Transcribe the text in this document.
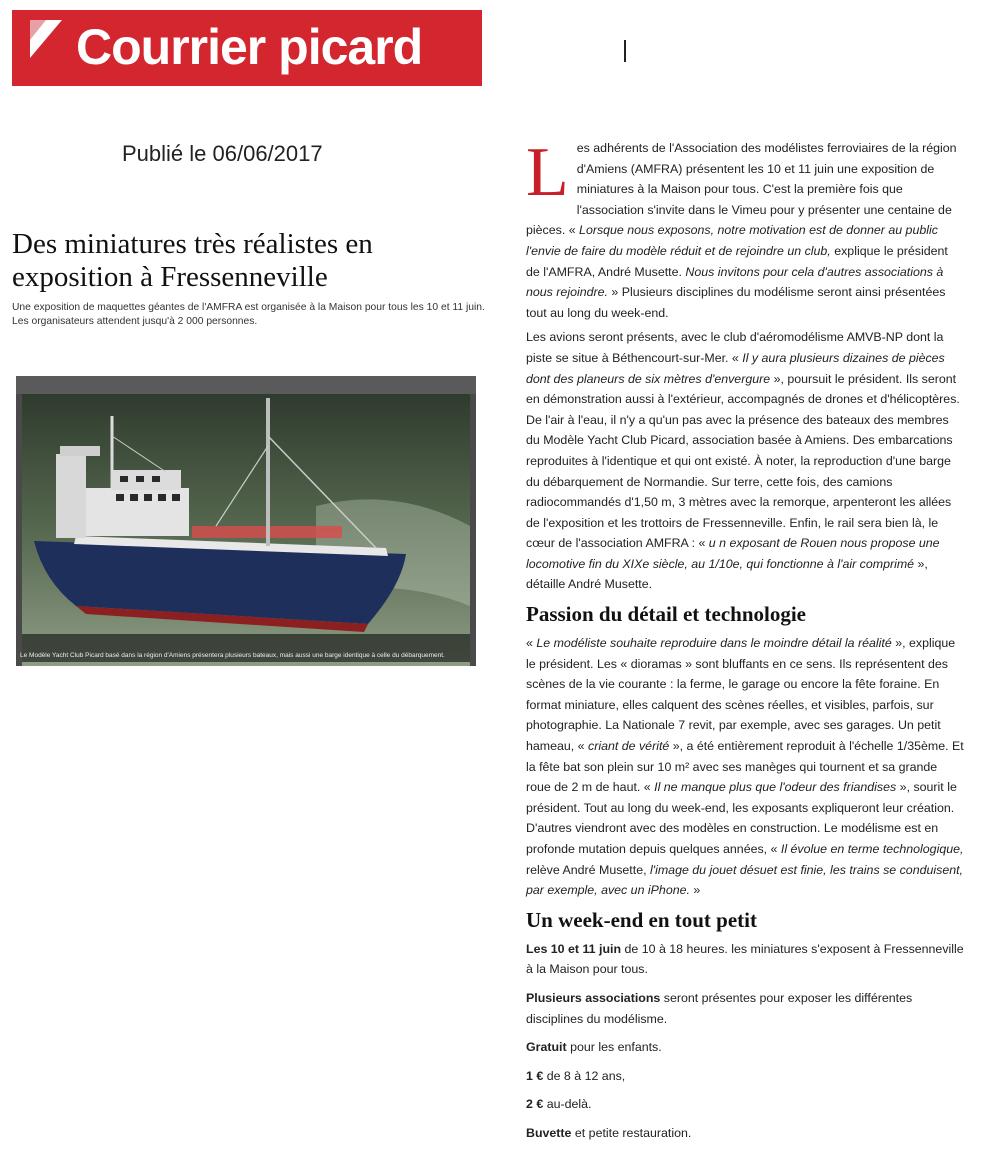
Courrier picard
Publié le 06/06/2017
Des miniatures très réalistes en exposition à Fressenneville

Une exposition de maquettes géantes de l'AMFRA est organisée à la Maison pour tous les 10 et 11 juin. Les organisateurs attendent jusqu'à 2 000 personnes.

Le Modèle Yacht Club Picard basé dans la région d'Amiens présentera plusieurs bateaux, mais aussi une barge identique à celle du débarquement.

L es adhérents de l'Association des modélistes ferroviaires de la région d'Amiens (AMFRA) présentent les 10 et 11 juin une exposition de miniatures à la Maison pour tous. C'est la première fois que l'association s'invite dans le Vimeu pour y présenter une centaine de pièces. « Lorsque nous exposons, notre motivation est de donner au public l'envie de faire du modèle réduit et de rejoindre un club, explique le président de l'AMFRA, André Musette. Nous invitons pour cela d'autres associations à nous rejoindre. » Plusieurs disciplines du modélisme seront ainsi présentées tout au long du week-end.

Les avions seront présents, avec le club d'aéromodélisme AMVB-NP dont la piste se situe à Béthencourt-sur-Mer. « Il y aura plusieurs dizaines de pièces dont des planeurs de six mètres d'envergure », poursuit le président. Ils seront en démonstration aussi à l'extérieur, accompagnés de drones et d'hélicoptères. De l'air à l'eau, il n'y a qu'un pas avec la présence des bateaux des membres du Modèle Yacht Club Picard, association basée à Amiens. Des embarcations reproduites à l'identique et qui ont existé. À noter, la reproduction d'une barge du débarquement de Normandie. Sur terre, cette fois, des camions radiocommandés d'1,50 m, 3 mètres avec la remorque, arpenteront les allées de l'exposition et les trottoirs de Fressenneville. Enfin, le rail sera bien là, le cœur de l'association AMFRA : « u n exposant de Rouen nous propose une locomotive fin du XIXe siècle, au 1/10e, qui fonctionne à l'air comprimé », détaille André Musette.

Passion du détail et technologie

« Le modéliste souhaite reproduire dans le moindre détail la réalité », explique le président. Les « dioramas » sont bluffants en ce sens. Ils représentent des scènes de la vie courante : la ferme, le garage ou encore la fête foraine. En format miniature, elles calquent des scènes réelles, et visibles, parfois, sur photographie. La Nationale 7 revit, par exemple, avec ses garages. Un petit hameau, « criant de vérité », a été entièrement reproduit à l'échelle 1/35ème. Et la fête bat son plein sur 10 m² avec ses manèges qui tournent et sa grande roue de 2 m de haut. « Il ne manque plus que l'odeur des friandises », sourit le président. Tout au long du week-end, les exposants expliqueront leur création. D'autres viendront avec des modèles en construction. Le modélisme est en profonde mutation depuis quelques années, « Il évolue en terme technologique, relève André Musette, l'image du jouet désuet est finie, les trains se conduisent, par exemple, avec un iPhone. »

Un week-end en tout petit

Les 10 et 11 juin de 10 à 18 heures. les miniatures s'exposent à Fressenneville à la Maison pour tous.

Plusieurs associations seront présentes pour exposer les différentes disciplines du modélisme.

Gratuit pour les enfants.

1 € de 8 à 12 ans,

2 € au-delà.

Buvette et petite restauration.
